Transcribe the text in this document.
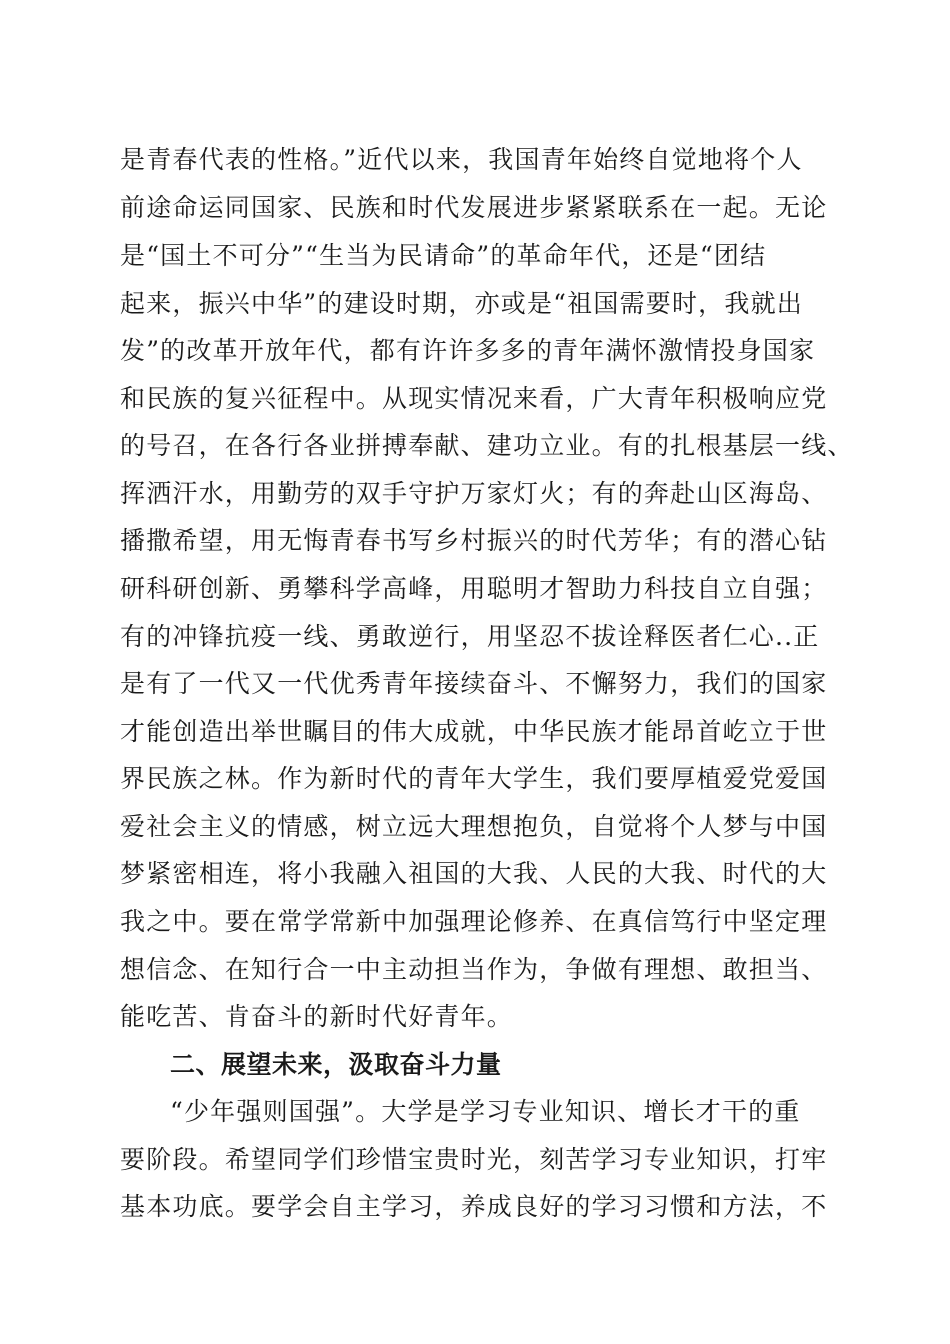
是青春代表的性格。”近代以来，我国青年始终自觉地将个人
前途命运同国家、民族和时代发展进步紧紧联系在一起。无论
是“国土不可分”“生当为民请命”的革命年代，还是“团结
起来，振兴中华”的建设时期，亦或是“祖国需要时，我就出
发”的改革开放年代，都有许许多多的青年满怀激情投身国家
和民族的复兴征程中。从现实情况来看，广大青年积极响应党
的号召，在各行各业拼搏奉献、建功立业。有的扎根基层一线、
挥洒汗水，用勤劳的双手守护万家灯火；有的奔赴山区海岛、
播撒希望，用无悔青春书写乡村振兴的时代芳华；有的潜心钻
研科研创新、勇攀科学高峰，用聪明才智助力科技自立自强；
有的冲锋抗疫一线、勇敢逆行，用坚忍不拔诠释医者仁心..正
是有了一代又一代优秀青年接续奋斗、不懈努力，我们的国家
才能创造出举世瞩目的伟大成就，中华民族才能昂首屹立于世
界民族之林。作为新时代的青年大学生，我们要厚植爱党爱国
爱社会主义的情感，树立远大理想抱负，自觉将个人梦与中国
梦紧密相连，将小我融入祖国的大我、人民的大我、时代的大
我之中。要在常学常新中加强理论修养、在真信笃行中坚定理
想信念、在知行合一中主动担当作为，争做有理想、敢担当、
能吃苦、肯奋斗的新时代好青年。
二、展望未来，汲取奋斗力量
“少年强则国强”。大学是学习专业知识、增长才干的重
要阶段。希望同学们珍惜宝贵时光，刻苦学习专业知识，打牢
基本功底。要学会自主学习，养成良好的学习习惯和方法，不
